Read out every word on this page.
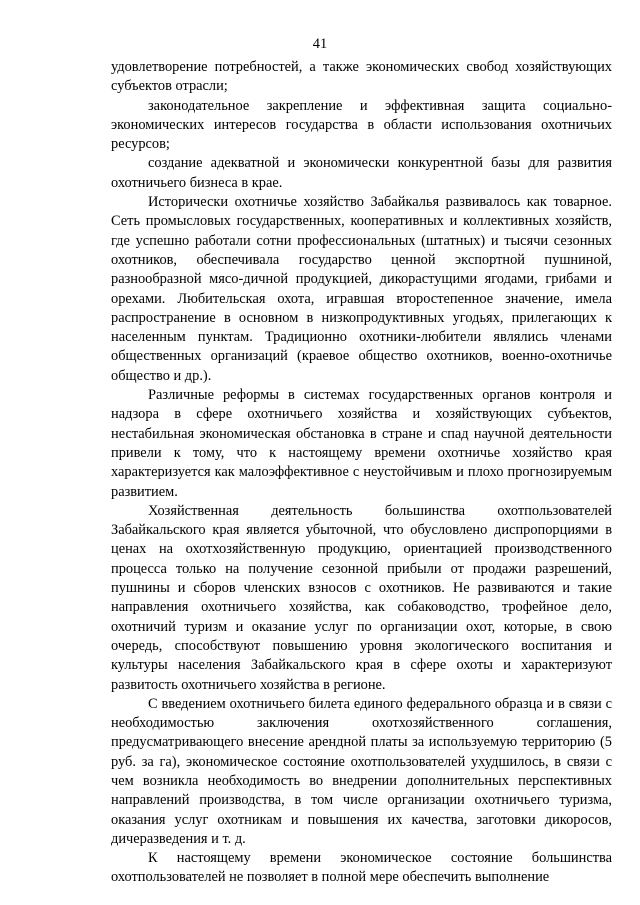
41

удовлетворение потребностей, а также экономических свобод хозяйствующих субъектов отрасли;

законодательное закрепление и эффективная защита социально-экономических интересов государства в области использования охотничьих ресурсов;

создание адекватной и экономически конкурентной базы для развития охотничьего бизнеса в крае.

Исторически охотничье хозяйство Забайкалья развивалось как товарное. Сеть промысловых государственных, кооперативных и коллективных хозяйств, где успешно работали сотни профессиональных (штатных) и тысячи сезонных охотников, обеспечивала государство ценной экспортной пушниной, разнообразной мясо-дичной продукцией, дикорастущими ягодами, грибами и орехами. Любительская охота, игравшая второстепенное значение, имела распространение в основном в низкопродуктивных угодьях, прилегающих к населенным пунктам. Традиционно охотники-любители являлись членами общественных организаций (краевое общество охотников, военно-охотничье общество и др.).

Различные реформы в системах государственных органов контроля и надзора в сфере охотничьего хозяйства и хозяйствующих субъектов, нестабильная экономическая обстановка в стране и спад научной деятельности привели к тому, что к настоящему времени охотничье хозяйство края характеризуется как малоэффективное с неустойчивым и плохо прогнозируемым развитием.

Хозяйственная деятельность большинства охотпользователей Забайкальского края является убыточной, что обусловлено диспропорциями в ценах на охотхозяйственную продукцию, ориентацией производственного процесса только на получение сезонной прибыли от продажи разрешений, пушнины и сборов членских взносов с охотников. Не развиваются и такие направления охотничьего хозяйства, как собаководство, трофейное дело, охотничий туризм и оказание услуг по организации охот, которые, в свою очередь, способствуют повышению уровня экологического воспитания и культуры населения Забайкальского края в сфере охоты и характеризуют развитость охотничьего хозяйства в регионе.

С введением охотничьего билета единого федерального образца и в связи с необходимостью заключения охотхозяйственного соглашения, предусматривающего внесение арендной платы за используемую территорию (5 руб. за га), экономическое состояние охотпользователей ухудшилось, в связи с чем возникла необходимость во внедрении дополнительных перспективных направлений производства, в том числе организации охотничьего туризма, оказания услуг охотникам и повышения их качества, заготовки дикоросов, дичеразведения и т. д.

К настоящему времени экономическое состояние большинства охотпользователей не позволяет в полной мере обеспечить выполнение
